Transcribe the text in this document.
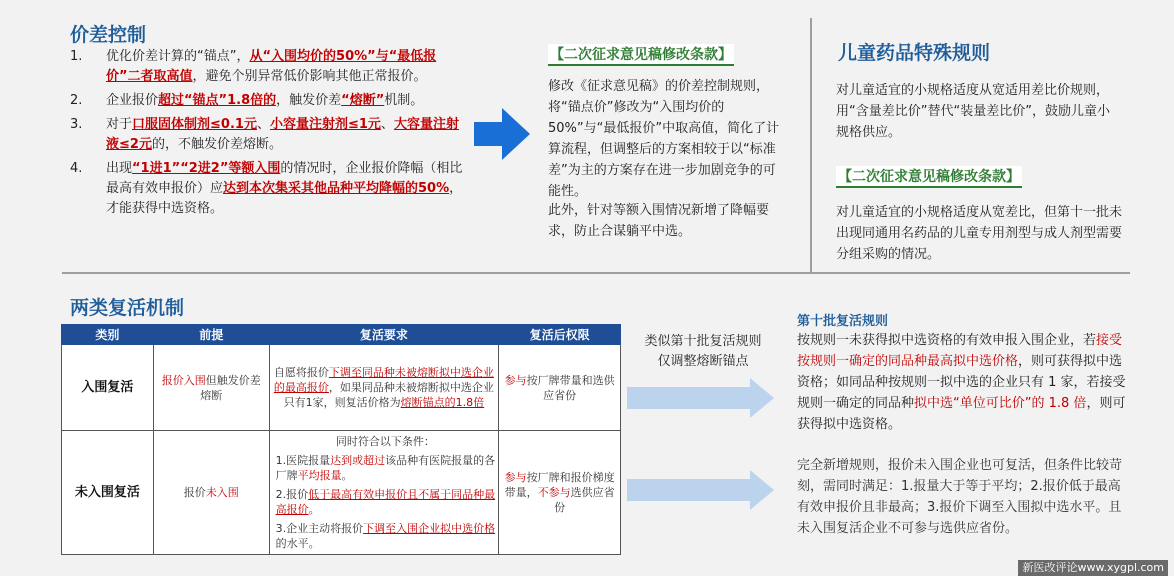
价差控制
1. 优化价差计算的“锚点”，从“入围均价的50%”与“最低报价”二者取高值，避免个别异常低价影响其他正常报价。
2. 企业报价超过“锚点”1.8倍的，触发价差“熔断”机制。
3. 对于口服固体制剂≤0.1元、小容量注射剂≤1元、大容量注射液≤2元的，不触发价差熔断。
4. 出现“1进1”“2进2”等额入围的情况时，企业报价降幅（相比最高有效申报价）应达到本次集采其他品种平均降幅的50%，才能获得中选资格。
【二次征求意见稿修改条款】
修改《征求意见稿》的价差控制规则，将“锚点价”修改为“入围均价的50%”与“最低报价”中取高值，简化了计算流程，但调整后的方案相较于以“标准差”为主的方案存在进一步加剧竞争的可能性。
此外，针对等额入围情况新增了降幅要求，防止合谋躺平中选。
儿童药品特殊规则
对儿童适宜的小规格适度从宽适用差比价规则，用“含量差比价”替代“装量差比价”，鼓励儿童小规格供应。
【二次征求意见稿修改条款】
对儿童适宜的小规格适度从宽差比，但第十一批未出现同通用名药品的儿童专用剂型与成人剂型需要分组采购的情况。
两类复活机制
类别	前提	复活要求	复活后权限
入围复活	报价入围但触发价差熔断	自愿将报价下调至同品种未被熔断拟中选企业的最高报价，如果同品种未被熔断拟中选企业只有1家，则复活价格为熔断锚点的1.8倍	参与按厂牌带量和选供应省份
未入围复活	报价未入围	同时符合以下条件：
1.医院报量达到或超过该品种有医院报量的各厂牌平均报量。
2.报价低于最高有效申报价且不属于同品种最高报价。
3.企业主动将报价下调至入围企业拟中选价格的水平。	参与按厂牌和报价梯度带量，不参与选供应省份
类似第十批复活规则
仅调整熔断锚点
第十批复活规则
按规则一未获得拟中选资格的有效申报入围企业，若接受按规则一确定的同品种最高拟中选价格，则可获得拟中选资格；如同品种按规则一拟中选的企业只有 1 家，若接受规则一确定的同品种拟中选“单位可比价”的 1.8 倍，则可获得拟中选资格。
完全新增规则，报价未入围企业也可复活，但条件比较苛刻，需同时满足：1.报量大于等于平均；2.报价低于最高有效申报价且非最高；3.报价下调至入围拟中选水平。且未入围复活企业不可参与选供应省份。
新医改评论www.xygpl.com
